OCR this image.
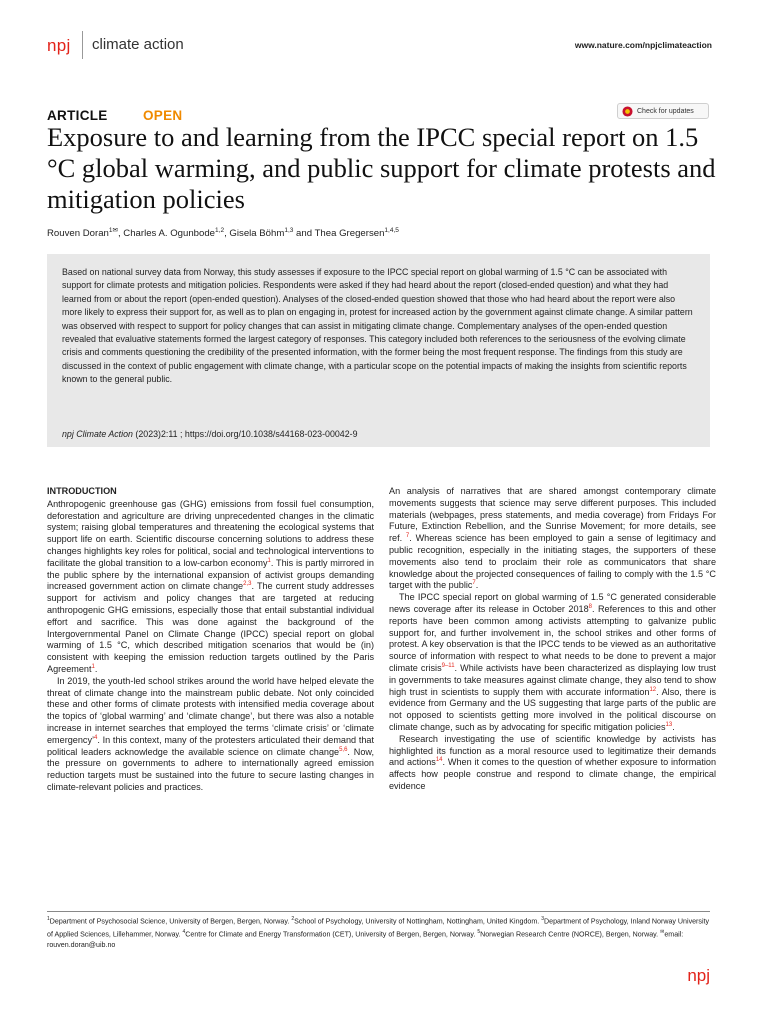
npj climate action	www.nature.com/npjclimateaction
ARTICLE	OPEN	Check for updates
Exposure to and learning from the IPCC special report on 1.5 °C global warming, and public support for climate protests and mitigation policies
Rouven Doran$^{1✉}$, Charles A. Ogunbode$^{1,2}$, Gisela Böhm$^{1,3}$ and Thea Gregersen$^{1,4,5}$

Based on national survey data from Norway, this study assesses if exposure to the IPCC special report on global warming of 1.5 °C can be associated with support for climate protests and mitigation policies. Respondents were asked if they had heard about the report (closed-ended question) and what they had learned from or about the report (open-ended question). Analyses of the closed-ended question showed that those who had heard about the report were also more likely to express their support for, as well as to plan on engaging in, protest for increased action by the government against climate change. A similar pattern was observed with respect to support for policy changes that can assist in mitigating climate change. Complementary analyses of the open-ended question revealed that evaluative statements formed the largest category of responses. This category included both references to the seriousness of the evolving climate crisis and comments questioning the credibility of the presented information, with the former being the most frequent response. The findings from this study are discussed in the context of public engagement with climate change, with a particular scope on the potential impacts of making the insights from scientific reports known to the general public.

npj Climate Action (2023)2:11 ; https://doi.org/10.1038/s44168-023-00042-9
INTRODUCTION

Anthropogenic greenhouse gas (GHG) emissions from fossil fuel consumption, deforestation and agriculture are driving unprecedented changes in the climatic system; raising global temperatures and threatening the ecological systems that support life on earth. Scientific discourse concerning solutions to address these changes highlights key roles for political, social and technological interventions to facilitate the global transition to a low-carbon economy$^1$. This is partly mirrored in the public sphere by the international expansion of activist groups demanding increased government action on climate change$^{2,3}$. The current study addresses support for activism and policy changes that are targeted at reducing anthropogenic GHG emissions, especially those that entail substantial individual effort and sacrifice. This was done against the background of the Intergovernmental Panel on Climate Change (IPCC) special report on global warming of 1.5 °C, which described mitigation scenarios that would be (in) consistent with keeping the emission reduction targets outlined by the Paris Agreement$^1$.

In 2019, the youth-led school strikes around the world have helped elevate the threat of climate change into the mainstream public debate. Not only coincided these and other forms of climate protests with intensified media coverage about the topics of ‘global warming’ and ‘climate change’, but there was also a notable increase in internet searches that employed the terms ‘climate crisis’ or ‘climate emergency’$^4$. In this context, many of the protesters articulated their demand that political leaders acknowledge the available science on climate change$^{5,6}$. Now, the pressure on governments to adhere to internationally agreed emission reduction targets must be sustained into the future to secure lasting changes in climate-relevant policies and practices.

An analysis of narratives that are shared amongst contemporary climate movements suggests that science may serve different purposes. This included materials (webpages, press statements, and media coverage) from Fridays For Future, Extinction Rebellion, and the Sunrise Movement; for more details, see ref. $^7$. Whereas science has been employed to gain a sense of legitimacy and public recognition, especially in the initiating stages, the supporters of these movements also tend to proclaim their role as communicators that share knowledge about the projected consequences of failing to comply with the 1.5 °C target with the public$^7$.

The IPCC special report on global warming of 1.5 °C generated considerable news coverage after its release in October 2018$^8$. References to this and other reports have been common among activists attempting to galvanize public support for, and further involvement in, the school strikes and other forms of protest. A key observation is that the IPCC tends to be viewed as an authoritative source of information with respect to what needs to be done to prevent a major climate crisis$^{9-11}$. While activists have been characterized as displaying low trust in governments to take measures against climate change, they also tend to show high trust in scientists to supply them with accurate information$^{12}$. Also, there is evidence from Germany and the US suggesting that large parts of the public are not opposed to scientists getting more involved in the political discourse on climate change, such as by advocating for specific mitigation policies$^{13}$.

Research investigating the use of scientific knowledge by activists has highlighted its function as a moral resource used to legitimatize their demands and actions$^{14}$. When it comes to the question of whether exposure to information affects how people construe and respond to climate change, the empirical evidence

$^1$Department of Psychosocial Science, University of Bergen, Bergen, Norway. $^2$School of Psychology, University of Nottingham, Nottingham, United Kingdom. $^3$Department of Psychology, Inland Norway University of Applied Sciences, Lillehammer, Norway. $^4$Centre for Climate and Energy Transformation (CET), University of Bergen, Bergen, Norway. $^5$Norwegian Research Centre (NORCE), Bergen, Norway. ✉email: rouven.doran@uib.no
npj
